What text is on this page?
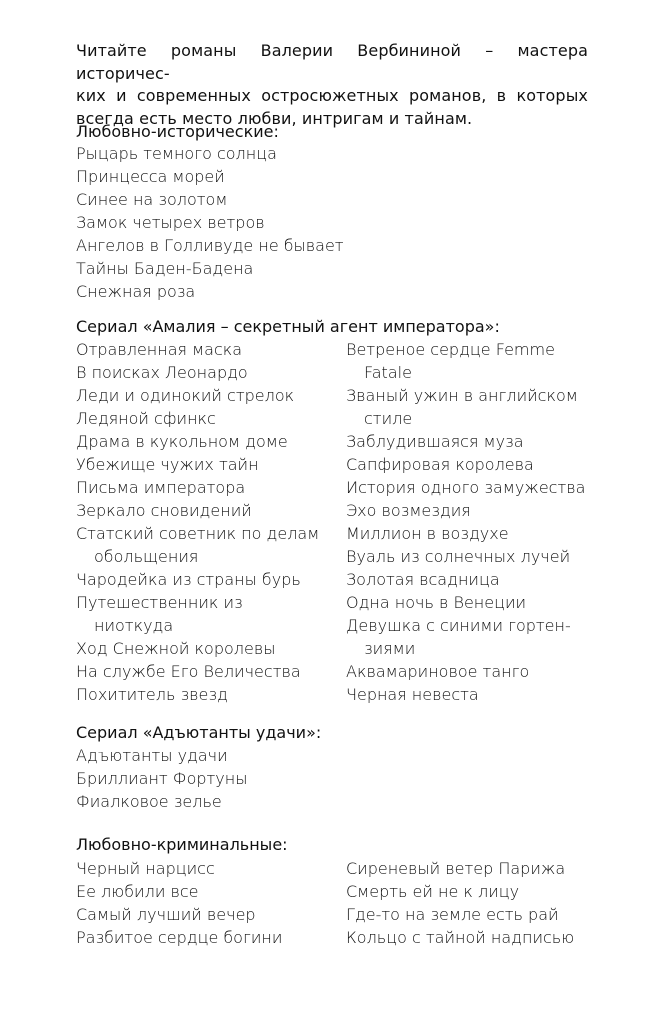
Читайте романы Валерии Вербининой – мастера историчес-
ких и современных остросюжетных романов, в которых
всегда есть место любви, интригам и тайнам.

Любовно-исторические:
Рыцарь темного солнца
Принцесса морей
Синее на золотом
Замок четырех ветров
Ангелов в Голливуде не бывает
Тайны Баден-Бадена
Снежная роза
Сериал «Амалия – секретный агент императора»:
Отравленная маска
В поисках Леонардо
Леди и одинокий стрелок
Ледяной сфинкс
Драма в кукольном доме
Убежище чужих тайн
Письма императора
Зеркало сновидений
Статский советник по делам
обольщения
Чародейка из страны бурь
Путешественник из
ниоткуда
Ход Снежной королевы
На службе Его Величества
Похититель звезд
Ветреное сердце Femme
Fatale
Званый ужин в английском
стиле
Заблудившаяся муза
Сапфировая королева
История одного замужества
Эхо возмездия
Миллион в воздухе
Вуаль из солнечных лучей
Золотая всадница
Одна ночь в Венеции
Девушка с синими гортен-
зиями
Аквамариновое танго
Черная невеста
Сериал «Адъютанты удачи»:
Адъютанты удачи
Бриллиант Фортуны
Фиалковое зелье
Любовно-криминальные:
Черный нарцисс
Ее любили все
Самый лучший вечер
Разбитое сердце богини
Сиреневый ветер Парижа
Смерть ей не к лицу
Где-то на земле есть рай
Кольцо с тайной надписью
